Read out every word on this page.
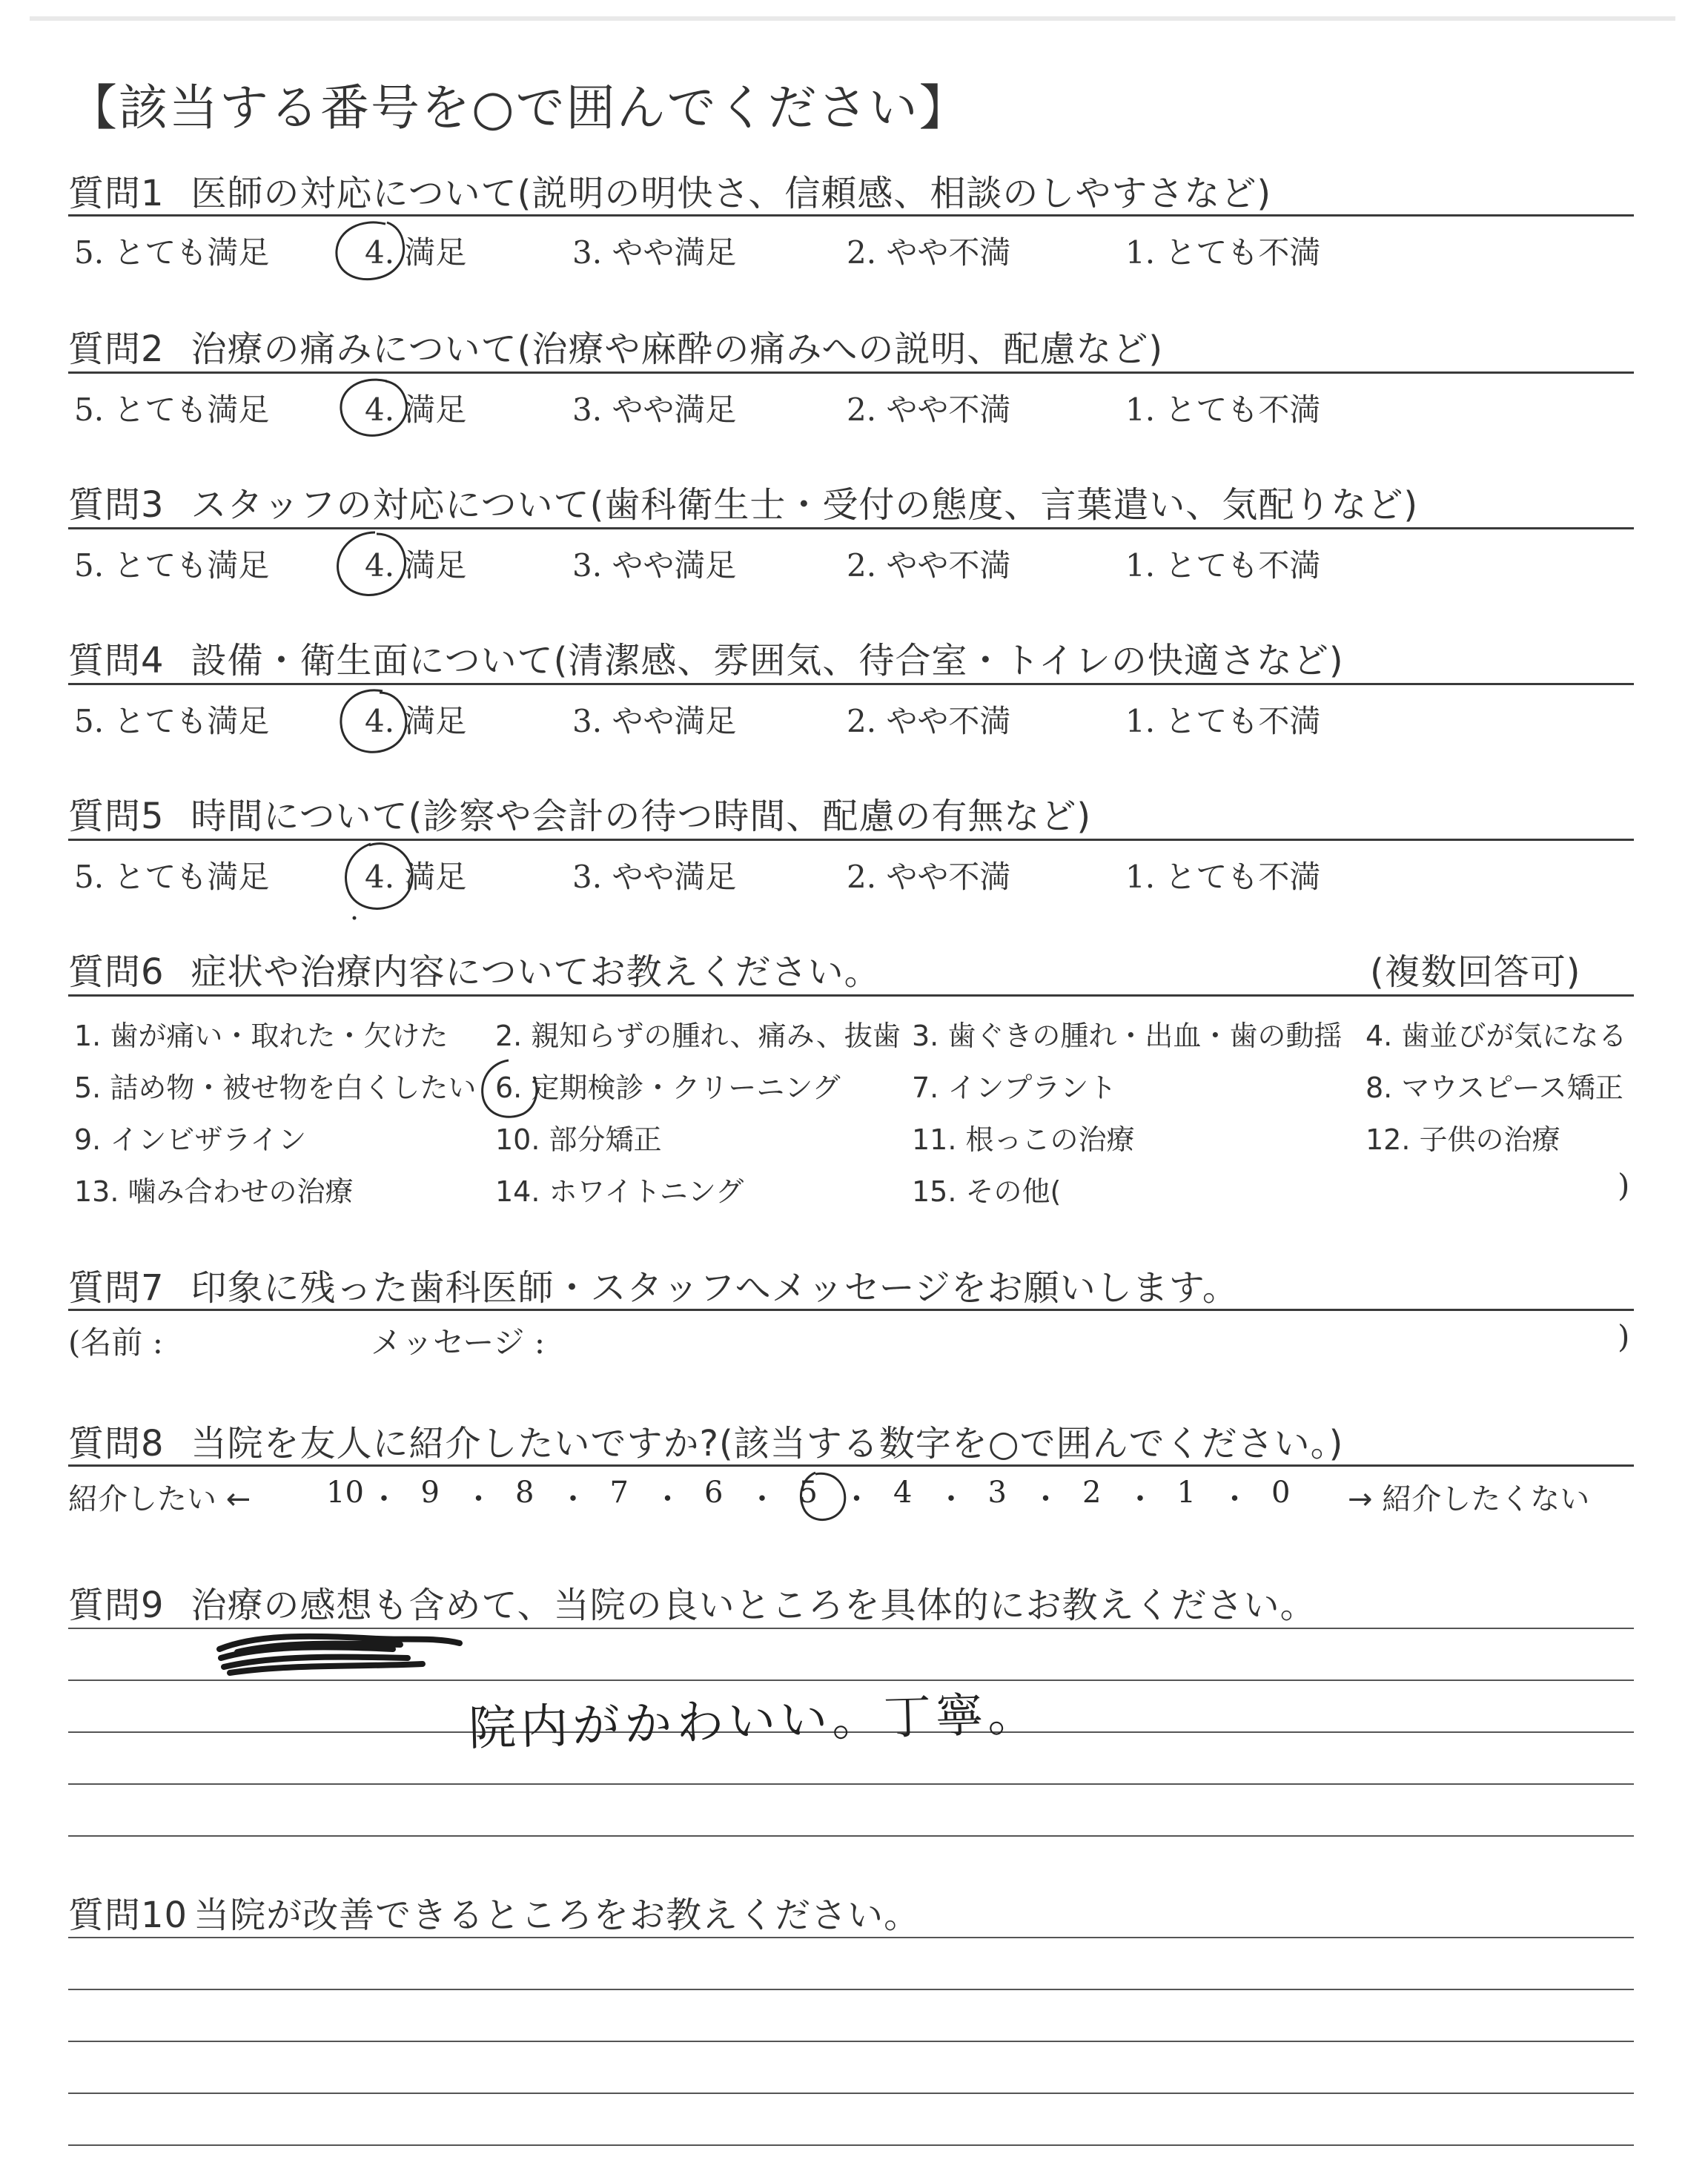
【該当する番号を○で囲んでください】
質問1 医師の対応について(説明の明快さ、信頼感、相談のしやすさなど)
5. とても満足	4. 満足	3. やや満足	2. やや不満	1. とても不満
質問2 治療の痛みについて(治療や麻酔の痛みへの説明、配慮など)
5. とても満足	4. 満足	3. やや満足	2. やや不満	1. とても不満
質問3 スタッフの対応について(歯科衛生士・受付の態度、言葉遣い、気配りなど)
5. とても満足	4. 満足	3. やや満足	2. やや不満	1. とても不満
質問4 設備・衛生面について(清潔感、雰囲気、待合室・トイレの快適さなど)
5. とても満足	4. 満足	3. やや満足	2. やや不満	1. とても不満
質問5 時間について(診察や会計の待つ時間、配慮の有無など)
5. とても満足	4. 満足	3. やや満足	2. やや不満	1. とても不満
質問6 症状や治療内容についてお教えください。	(複数回答可)
1. 歯が痛い・取れた・欠けた 2. 親知らずの腫れ、痛み、抜歯 3. 歯ぐきの腫れ・出血・歯の動揺 4. 歯並びが気になる
5. 詰め物・被せ物を白くしたい 6. 定期検診・クリーニング	7. インプラント	8. マウスピース矯正
9. インビザライン	10. 部分矯正	11. 根っこの治療	12. 子供の治療
13. 噛み合わせの治療	14. ホワイトニング	15. その他(	)
質問7 印象に残った歯科医師・スタッフへメッセージをお願いします。
(名前 :	メッセージ :	)
質問8 当院を友人に紹介したいですか?(該当する数字を○で囲んでください。)
紹介したい ←	→ 紹介したくない
10 ・ 9 ・ 8 ・ 7 ・ 6 ・ 5 ・ 4 ・ 3 ・ 2 ・ 1 ・ 0
質問9 治療の感想も含めて、当院の良いところを具体的にお教えください。
院内がかわいい。丁寧。
質問10 当院が改善できるところをお教えください。
